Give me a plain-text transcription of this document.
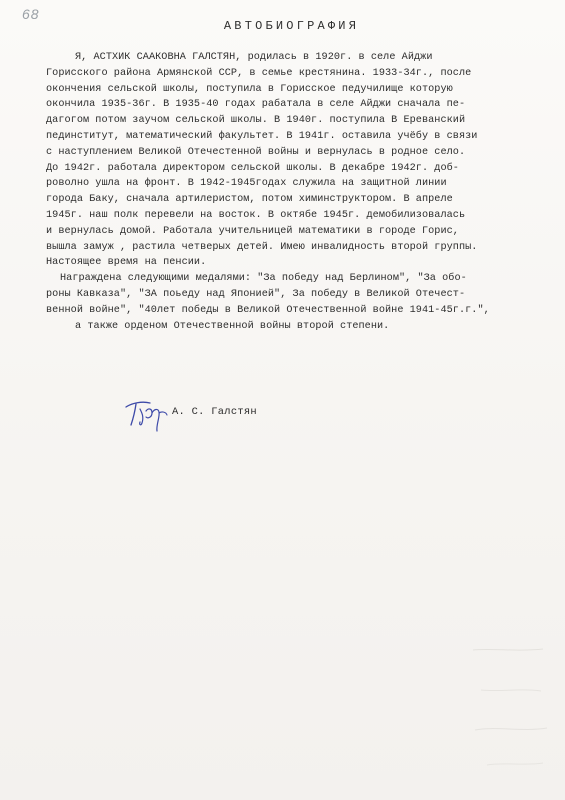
68
АВТОБИОГРАФИЯ
Я, АСТХИК СААКОВНА ГАЛСТЯН, родилась в 1920г. в селе Айджи
Горисского района Армянской ССР, в семье крестянина. 1933-34г., после
окончения сельской школы, поступила в Горисское педучилище которую
окончила 1935-36г. В 1935-40 годах рабатала в селе Айджи сначала пе-
дагогом потом заучом сельской школы. В 1940г. поступила В Ереванский
пединститут, математический факультет. В 1941г. оставила учёбу в связи
с наступлением Великой Отечестенной войны и вернулась в родное село.
До 1942г. работала директором сельской школы. В декабре 1942г. доб-
роволно ушла на фронт. В 1942-1945годах служила на защитной линии
города Баку, сначала артилеристом, потом химинструктором. В апреле
1945г. наш полк перевели на восток. В октябе 1945г. демобилизовалась
и вернулась домой. Работала учительницей математики в городе Горис,
вышла замуж , растила четверых детей. Имею инвалидность второй группы.
Настоящее время на пенсии.
Награждена следующими медалями: "За победу над Берлином", "За обо-
роны Кавказа", "ЗА поьеду над Японией", За победу в Великой Отечест-
венной войне", "40лет победы в Великой Отечественной войне 1941-45г.г.",
а также орденом Отечественной войны второй степени.
А. С. Галстян
